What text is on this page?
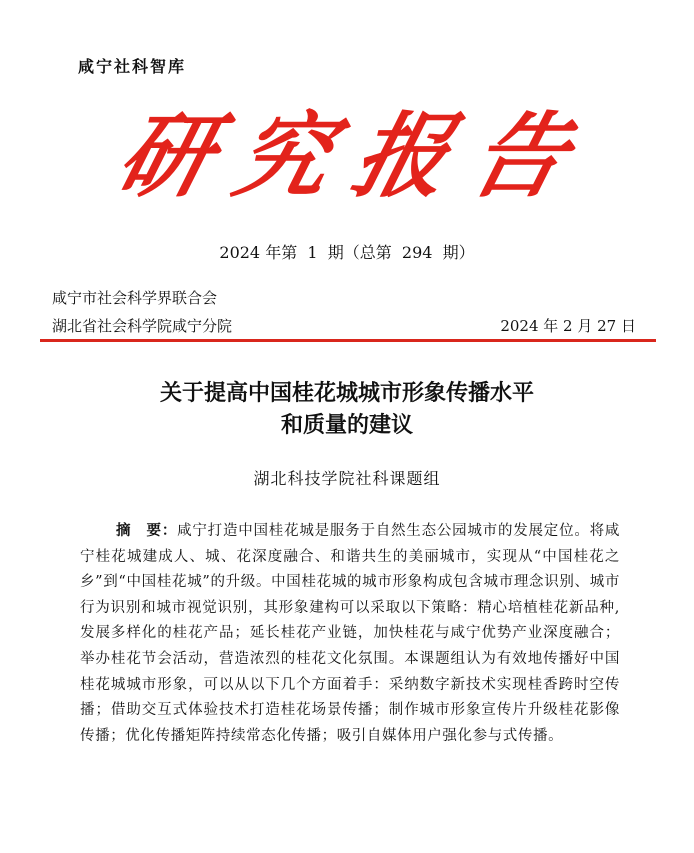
咸宁社科智库
研 究 报 告
2024 年第  1  期（总第  294  期）
咸宁市社会科学界联合会
湖北省社会科学院咸宁分院	2024 年 2 月 27 日
关于提高中国桂花城城市形象传播水平
和质量的建议
湖北科技学院社科课题组
摘　要：咸宁打造中国桂花城是服务于自然生态公园城市的发展定位。将咸宁桂花城建成人、城、花深度融合、和谐共生的美丽城市，实现从“中国桂花之乡”到“中国桂花城”的升级。中国桂花城的城市形象构成包含城市理念识别、城市行为识别和城市视觉识别，其形象建构可以采取以下策略：精心培植桂花新品种,发展多样化的桂花产品；延长桂花产业链，加快桂花与咸宁优势产业深度融合；举办桂花节会活动，营造浓烈的桂花文化氛围。本课题组认为有效地传播好中国桂花城城市形象，可以从以下几个方面着手：采纳数字新技术实现桂香跨时空传播；借助交互式体验技术打造桂花场景传播；制作城市形象宣传片升级桂花影像传播；优化传播矩阵持续常态化传播；吸引自媒体用户强化参与式传播。
